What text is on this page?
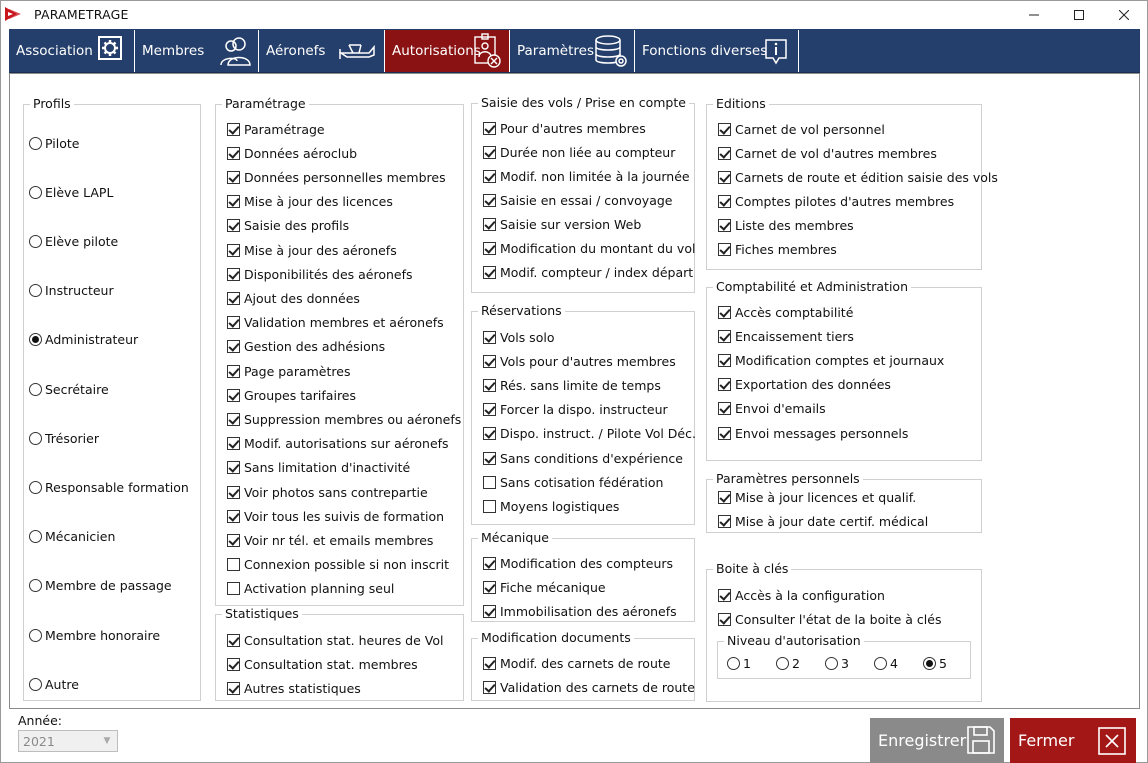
PARAMETRAGE
Association	Membres	Aéronefs	Autorisations	Paramètres	Fonctions diverses
Profils
Pilote
Elève LAPL
Elève pilote
Instructeur
Administrateur
Secrétaire
Trésorier
Responsable formation
Mécanicien
Membre de passage
Membre honoraire
Autre
Paramétrage
Paramétrage
Données aéroclub
Données personnelles membres
Mise à jour des licences
Saisie des profils
Mise à jour des aéronefs
Disponibilités des aéronefs
Ajout des données
Validation membres et aéronefs
Gestion des adhésions
Page paramètres
Groupes tarifaires
Suppression membres ou aéronefs
Modif. autorisations sur aéronefs
Sans limitation d'inactivité
Voir photos sans contrepartie
Voir tous les suivis de formation
Voir nr tél. et emails membres
Connexion possible si non inscrit
Activation planning seul
Statistiques
Consultation stat. heures de Vol
Consultation stat. membres
Autres statistiques
Saisie des vols / Prise en compte
Pour d'autres membres
Durée non liée au compteur
Modif. non limitée à la journée
Saisie en essai / convoyage
Saisie sur version Web
Modification du montant du vol
Modif. compteur / index départ
Réservations
Vols solo
Vols pour d'autres membres
Rés. sans limite de temps
Forcer la dispo. instructeur
Dispo. instruct. / Pilote Vol Déc.
Sans conditions d'expérience
Sans cotisation fédération
Moyens logistiques
Mécanique
Modification des compteurs
Fiche mécanique
Immobilisation des aéronefs
Modification documents
Modif. des carnets de route
Validation des carnets de route
Editions
Carnet de vol personnel
Carnet de vol d'autres membres
Carnets de route et édition saisie des vols
Comptes pilotes d'autres membres
Liste des membres
Fiches membres
Comptabilité et Administration
Accès comptabilité
Encaissement tiers
Modification comptes et journaux
Exportation des données
Envoi d'emails
Envoi messages personnels
Paramètres personnels
Mise à jour licences et qualif.
Mise à jour date certif. médical
Boite à clés
Accès à la configuration
Consulter l'état de la boite à clés
Niveau d'autorisation
1	2	3	4	5
Année:
2021	▼	Enregistrer	Fermer
